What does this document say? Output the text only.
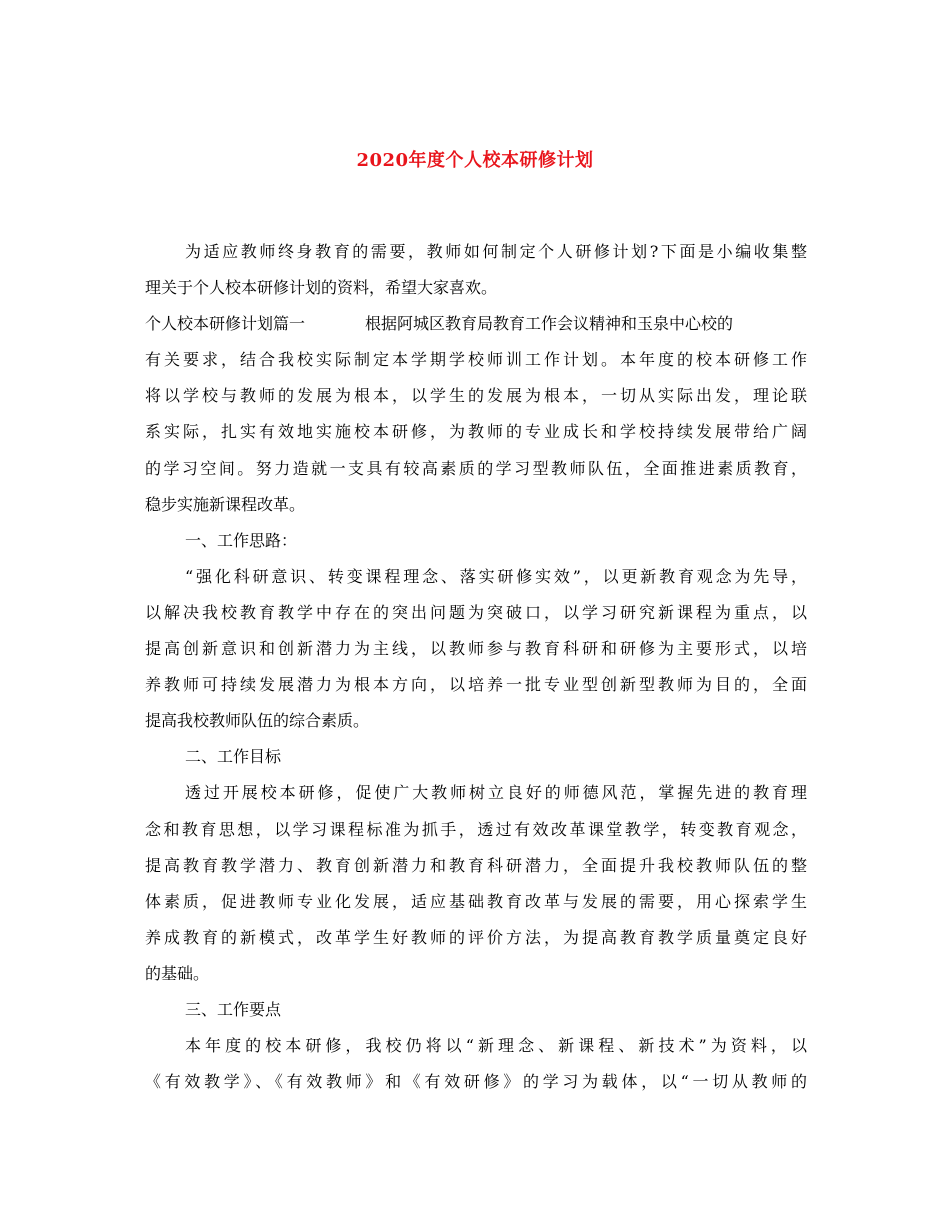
2020年度个人校本研修计划
为适应教师终身教育的需要，教师如何制定个人研修计划?下面是小编收集整
理关于个人校本研修计划的资料，希望大家喜欢。
个人校本研修计划篇一	根据阿城区教育局教育工作会议精神和玉泉中心校的
有关要求，结合我校实际制定本学期学校师训工作计划。本年度的校本研修工作
将以学校与教师的发展为根本，以学生的发展为根本，一切从实际出发，理论联
系实际，扎实有效地实施校本研修，为教师的专业成长和学校持续发展带给广阔
的学习空间。努力造就一支具有较高素质的学习型教师队伍，全面推进素质教育，
稳步实施新课程改革。
一、工作思路：
“强化科研意识、转变课程理念、落实研修实效”，以更新教育观念为先导，
以解决我校教育教学中存在的突出问题为突破口，以学习研究新课程为重点，以
提高创新意识和创新潜力为主线，以教师参与教育科研和研修为主要形式，以培
养教师可持续发展潜力为根本方向，以培养一批专业型创新型教师为目的，全面
提高我校教师队伍的综合素质。
二、工作目标
透过开展校本研修，促使广大教师树立良好的师德风范，掌握先进的教育理
念和教育思想，以学习课程标准为抓手，透过有效改革课堂教学，转变教育观念，
提高教育教学潜力、教育创新潜力和教育科研潜力，全面提升我校教师队伍的整
体素质，促进教师专业化发展，适应基础教育改革与发展的需要，用心探索学生
养成教育的新模式，改革学生好教师的评价方法，为提高教育教学质量奠定良好
的基础。
三、工作要点
本年度的校本研修，我校仍将以“新理念、新课程、新技术”为资料，以
《有效教学》、《有效教师》和《有效研修》的学习为载体，以“一切从教师的
